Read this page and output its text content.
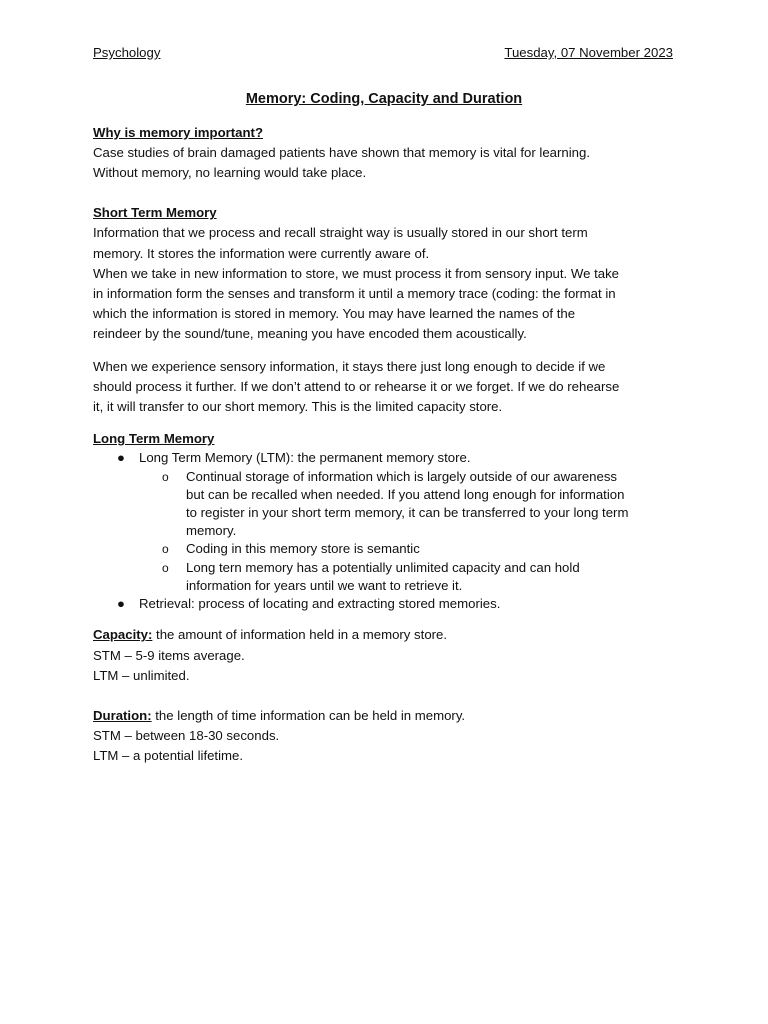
Psychology	Tuesday, 07 November 2023
Memory: Coding, Capacity and Duration

Why is memory important?

Case studies of brain damaged patients have shown that memory is vital for learning.

Without memory, no learning would take place.

Short Term Memory

Information that we process and recall straight way is usually stored in our short term

memory. It stores the information were currently aware of.

When we take in new information to store, we must process it from sensory input. We take

in information form the senses and transform it until a memory trace (coding: the format in

which the information is stored in memory. You may have learned the names of the

reindeer by the sound/tune, meaning you have encoded them acoustically.

When we experience sensory information, it stays there just long enough to decide if we

should process it further. If we don’t attend to or rehearse it or we forget. If we do rehearse

it, it will transfer to our short memory. This is the limited capacity store.

Long Term Memory

● Long Term Memory (LTM): the permanent memory store.
o Continual storage of information which is largely outside of our awareness
but can be recalled when needed. If you attend long enough for information
to register in your short term memory, it can be transferred to your long term
memory.
o Coding in this memory store is semantic
o Long tern memory has a potentially unlimited capacity and can hold
information for years until we want to retrieve it.
● Retrieval: process of locating and extracting stored memories.

Capacity: the amount of information held in a memory store.

STM – 5-9 items average.

LTM – unlimited.

Duration: the length of time information can be held in memory.

STM – between 18-30 seconds.

LTM – a potential lifetime.
